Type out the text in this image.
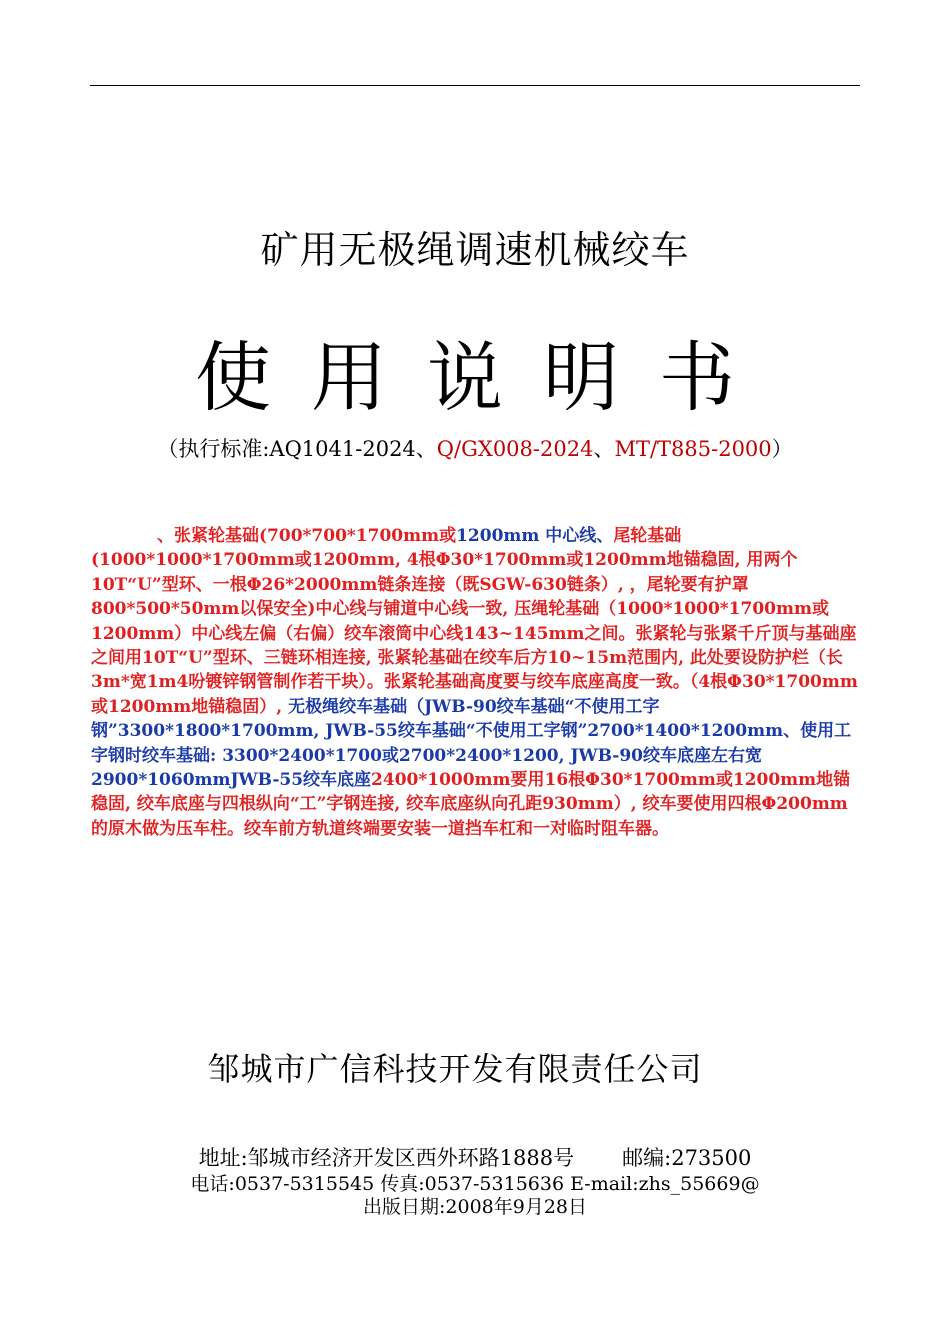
矿用无极绳调速机械绞车
使用说明书
（执行标准:AQ1041-2024、Q/GX008-2024、MT/T885-2000）
、张紧轮基础(700*700*1700mm或1200mm 中心线、尾轮基础(1000*1000*1700mm或1200mm, 4根Φ30*1700mm或1200mm地锚稳固, 用两个10T“U”型环、一根Φ26*2000mm链条连接（既SGW-630链条）, ，尾轮要有护罩800*500*50mm以保安全)中心线与铺道中心线一致, 压绳轮基础（1000*1000*1700mm或1200mm）中心线左偏（右偏）绞车滚筒中心线143~145mm之间。张紧轮与张紧千斤顶与基础座之间用10T“U”型环、三链环相连接, 张紧轮基础在绞车后方10~15m范围内, 此处要设防护栏（长3m*宽1m4吩镀锌钢管制作若干块）。张紧轮基础高度要与绞车底座高度一致。（4根Φ30*1700mm或1200mm地锚稳固）, 无极绳绞车基础（JWB-90绞车基础“不使用工字钢”3300*1800*1700mm, JWB-55绞车基础“不使用工字钢”2700*1400*1200mm、使用工字钢时绞车基础: 3300*2400*1700或2700*2400*1200, JWB-90绞车底座左右宽2900*1060mmJWB-55绞车底座2400*1000mm要用16根Φ30*1700mm或1200mm地锚稳固, 绞车底座与四根纵向“工”字钢连接, 绞车底座纵向孔距930mm）, 绞车要使用四根Φ200mm的原木做为压车柱。绞车前方轨道终端要安装一道挡车杠和一对临时阻车器。
邹城市广信科技开发有限责任公司
地址:邹城市经济开发区西外环路1888号 邮编:273500
电话:0537-5315545 传真:0537-5315636 E-mail:zhs_55669@
出版日期:2008年9月28日
